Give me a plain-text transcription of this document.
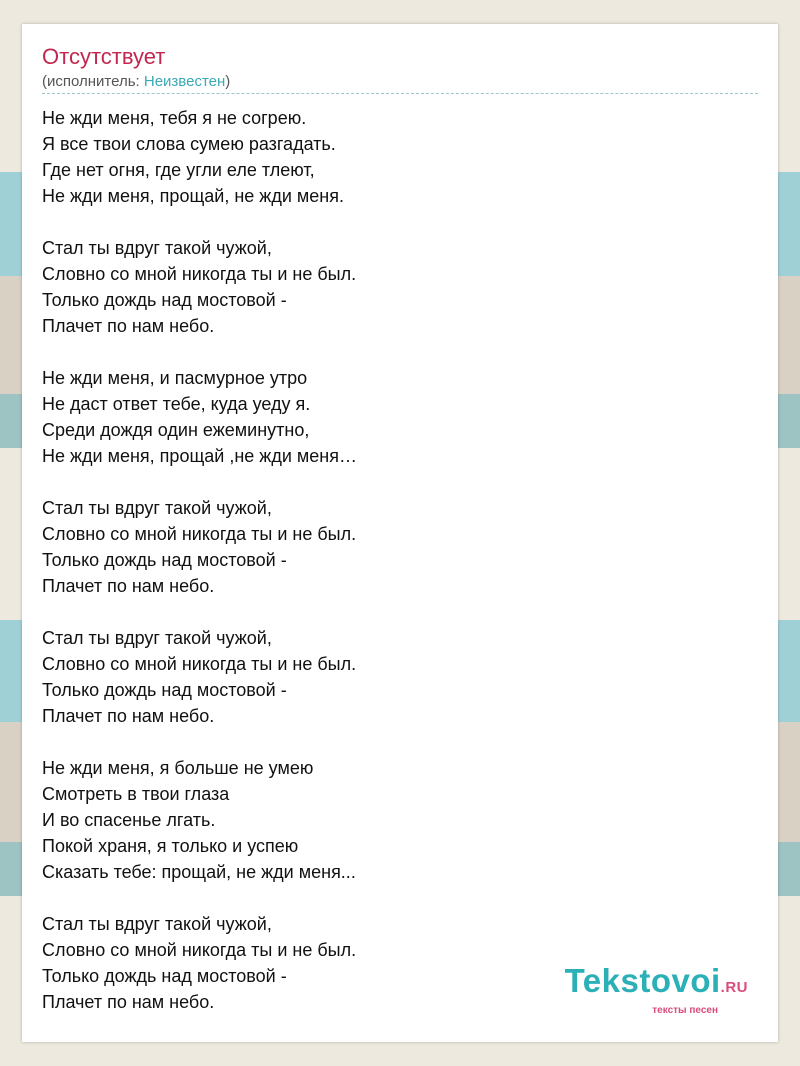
Отсутствует
(исполнитель: Неизвестен)
Не жди меня, тебя я не согрею.
Я все твои слова сумею разгадать.
Где нет огня, где угли еле тлеют,
Не жди меня, прощай, не жди меня.
Стал ты вдруг такой чужой,
Словно со мной никогда ты и не был.
Только дождь над мостовой -
Плачет по нам небо.
Не жди меня, и пасмурное утро
Не даст ответ тебе, куда уеду я.
Среди дождя один ежеминутно,
Не жди меня, прощай ,не жди меня…
Стал ты вдруг такой чужой,
Словно со мной никогда ты и не был.
Только дождь над мостовой -
Плачет по нам небо.
Стал ты вдруг такой чужой,
Словно со мной никогда ты и не был.
Только дождь над мостовой -
Плачет по нам небо.
Не жди меня, я больше не умею
Смотреть в твои глаза
И во спасенье лгать.
Покой храня, я только и успею
Сказать тебе: прощай, не жди меня...
Стал ты вдруг такой чужой,
Словно со мной никогда ты и не был.
Только дождь над мостовой -
Плачет по нам небо.
Tekstovoi.RU
тексты песен
